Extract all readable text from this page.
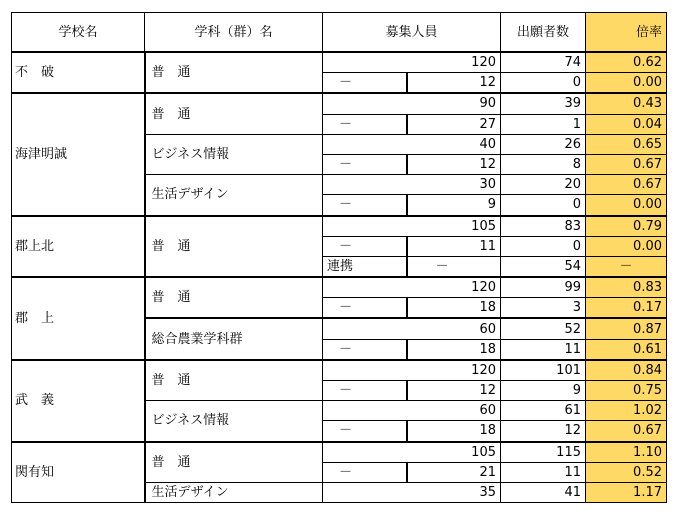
学校名	学科（群）名	募集人員		出願者数	倍率
不　破	普　通	120		74	0.62
		－	12	0	0.00
海津明誠	普　通	90		39	0.43
		－	27	1	0.04
	ビジネス情報	40		26	0.65
		－	12	8	0.67
	生活デザイン	30		20	0.67
		－	9	0	0.00
郡上北	普　通	105		83	0.79
		－	11	0	0.00
		連携	－	54	－
郡　上	普　通	120		99	0.83
		－	18	3	0.17
	総合農業学科群	60		52	0.87
		－	18	11	0.61
武　義	普　通	120		101	0.84
		－	12	9	0.75
	ビジネス情報	60		61	1.02
		－	18	12	0.67
関有知	普　通	105		115	1.10
		－	21	11	0.52
	生活デザイン	35		41	1.17
